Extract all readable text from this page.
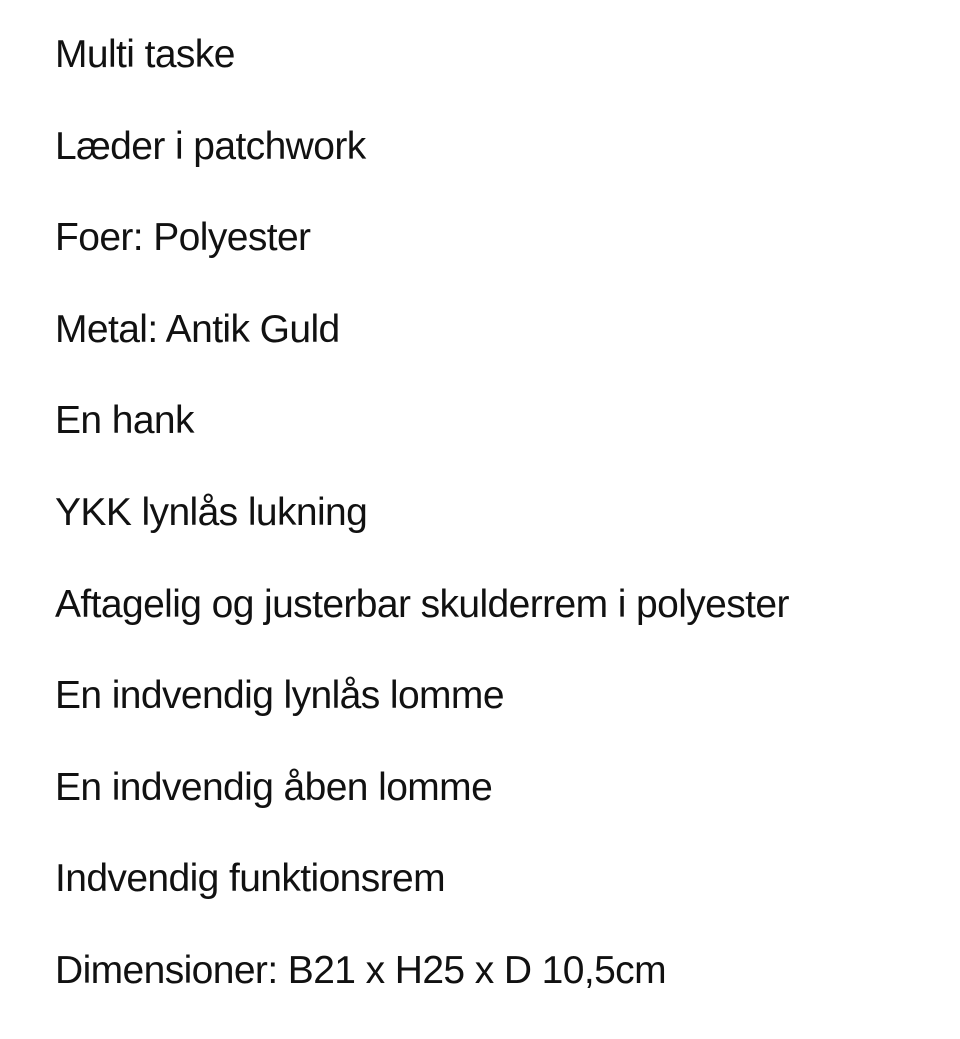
Multi taske
Læder i patchwork
Foer: Polyester
Metal: Antik Guld
En hank
YKK lynlås lukning
Aftagelig og justerbar skulderrem i polyester
En indvendig lynlås lomme
En indvendig åben lomme
Indvendig funktionsrem
Dimensioner: B21 x H25 x D 10,5cm
